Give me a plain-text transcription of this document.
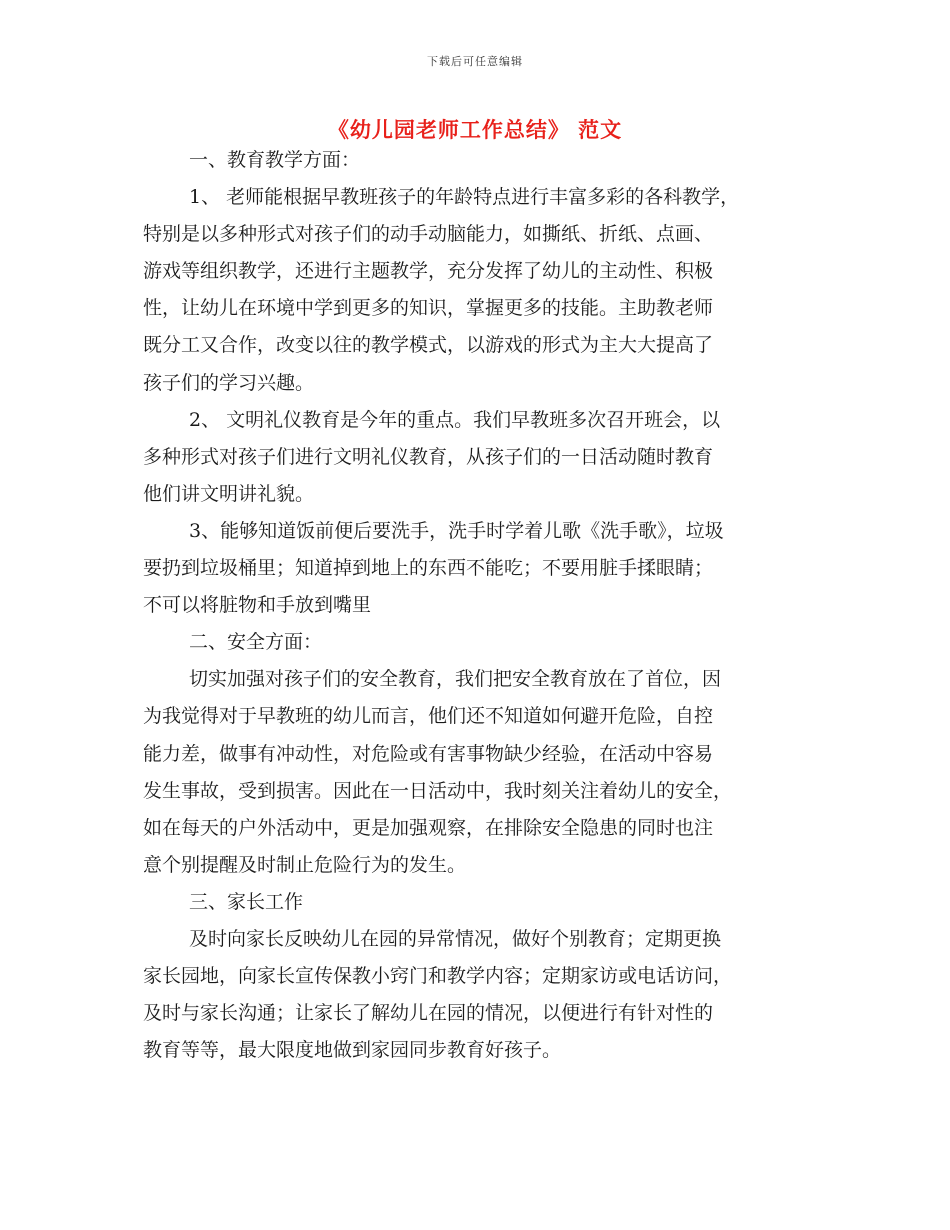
下载后可任意编辑
《幼儿园老师工作总结》 范文
一、教育教学方面：
1、 老师能根据早教班孩子的年龄特点进行丰富多彩的各科教学，
特别是以多种形式对孩子们的动手动脑能力，如撕纸、折纸、点画、
游戏等组织教学，还进行主题教学，充分发挥了幼儿的主动性、积极
性，让幼儿在环境中学到更多的知识，掌握更多的技能。主助教老师
既分工又合作，改变以往的教学模式，以游戏的形式为主大大提高了
孩子们的学习兴趣。
2、 文明礼仪教育是今年的重点。我们早教班多次召开班会，以
多种形式对孩子们进行文明礼仪教育，从孩子们的一日活动随时教育
他们讲文明讲礼貌。
3、能够知道饭前便后要洗手，洗手时学着儿歌《洗手歌》，垃圾
要扔到垃圾桶里；知道掉到地上的东西不能吃；不要用脏手揉眼睛；
不可以将脏物和手放到嘴里
二、安全方面：
切实加强对孩子们的安全教育，我们把安全教育放在了首位，因
为我觉得对于早教班的幼儿而言，他们还不知道如何避开危险，自控
能力差，做事有冲动性，对危险或有害事物缺少经验，在活动中容易
发生事故，受到损害。因此在一日活动中，我时刻关注着幼儿的安全，
如在每天的户外活动中，更是加强观察，在排除安全隐患的同时也注
意个别提醒及时制止危险行为的发生。
三、家长工作
及时向家长反映幼儿在园的异常情况，做好个别教育；定期更换
家长园地，向家长宣传保教小窍门和教学内容；定期家访或电话访问，
及时与家长沟通；让家长了解幼儿在园的情况，以便进行有针对性的
教育等等，最大限度地做到家园同步教育好孩子。
